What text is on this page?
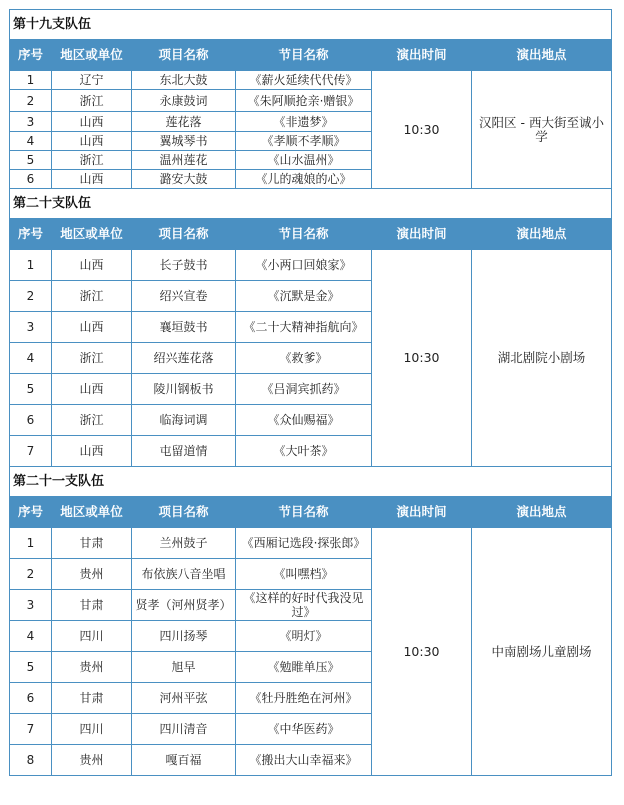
第十九支队伍					
序号	地区或单位	项目名称	节目名称	演出时间	演出地点
1	辽宁	东北大鼓	《薪火延续代代传》	10:30	汉阳区 - 西大街至诚小学
2	浙江	永康鼓词	《朱阿顺抢亲·赠银》		
3	山西	莲花落	《非遗梦》		
4	山西	翼城琴书	《孝顺不孝顺》		
5	浙江	温州莲花	《山水温州》		
6	山西	潞安大鼓	《儿的魂娘的心》		
第二十支队伍					
序号	地区或单位	项目名称	节目名称	演出时间	演出地点
1	山西	长子鼓书	《小两口回娘家》	10:30	湖北剧院小剧场
2	浙江	绍兴宣卷	《沉默是金》		
3	山西	襄垣鼓书	《二十大精神指航向》		
4	浙江	绍兴莲花落	《救爹》		
5	山西	陵川钢板书	《吕洞宾抓药》		
6	浙江	临海词调	《众仙赐福》		
7	山西	屯留道情	《大叶茶》		
第二十一支队伍					
序号	地区或单位	项目名称	节目名称	演出时间	演出地点
1	甘肃	兰州鼓子	《西厢记选段·探张郎》	10:30	中南剧场儿童剧场
2	贵州	布依族八音坐唱	《叫嘿档》		
3	甘肃	贤孝（河州贤孝）	《这样的好时代我没见过》		
4	四川	四川扬琴	《明灯》		
5	贵州	旭早	《勉睢单压》		
6	甘肃	河州平弦	《牡丹胜绝在河州》		
7	四川	四川清音	《中华医药》		
8	贵州	嘎百福	《搬出大山幸福来》		
